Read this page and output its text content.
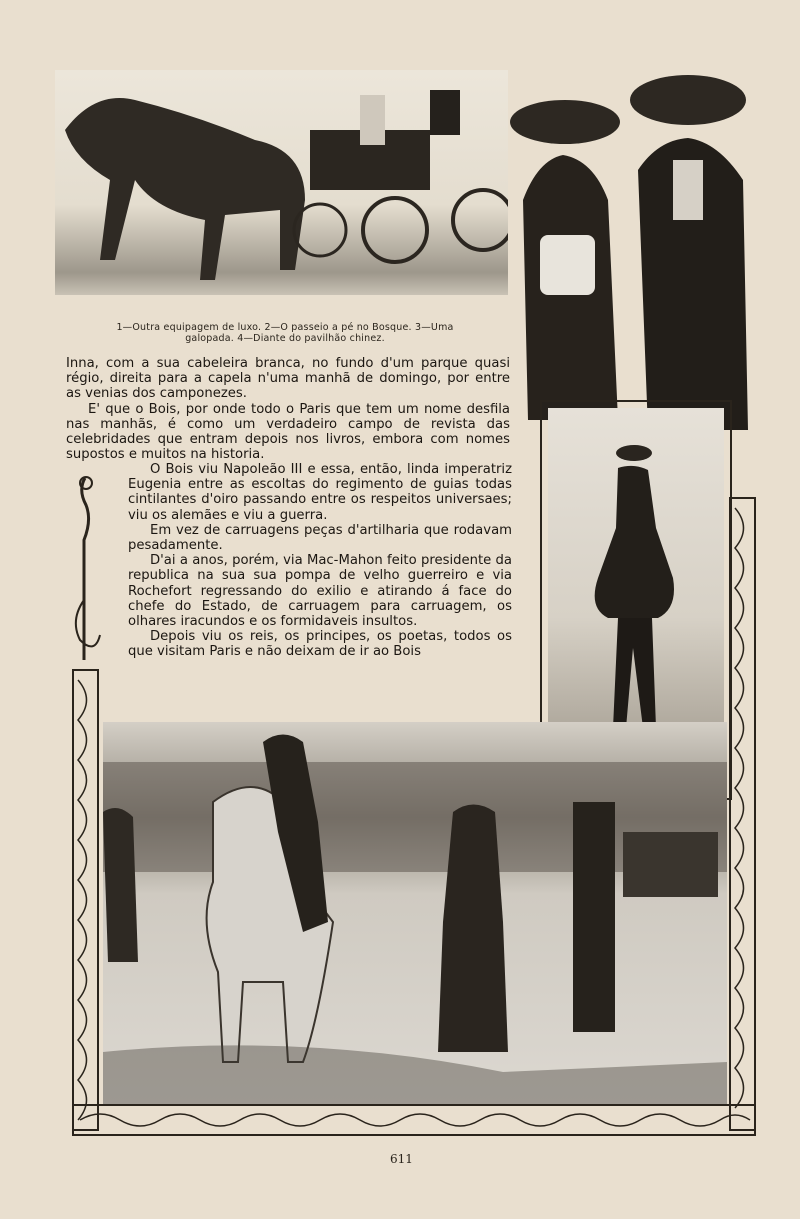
1—Outra equipagem de luxo. 2—O passeio a pé no Bosque. 3—Uma galopada. 4—Diante do pavilhão chinez.

Inna, com a sua cabeleira branca, no fundo d'um parque quasi régio, direita para a capela n'uma manhã de domingo, por entre as venias dos camponezes.

E' que o Bois, por onde todo o Paris que tem um nome desfila nas manhãs, é como um verdadeiro campo de revista das celebridades que entram depois nos livros, embora com nomes supostos e muitos na historia.

O Bois viu Napoleão III e essa, então, linda imperatriz Eugenia entre as escoltas do regimento de guias todas cintilantes d'oiro passando entre os respeitos universaes; viu os alemães e viu a guerra.

Em vez de carruagens peças d'artilharia que rodavam pesadamente.

D'ai a anos, porém, via Mac-Mahon feito presidente da republica na sua sua pompa de velho guerreiro e via Rochefort regressando do exilio e atirando á face do chefe do Estado, de carruagem para carruagem, os olhares iracundos e os formidaveis insultos.

Depois viu os reis, os principes, os poetas, todos os que visitam Paris e não deixam de ir ao Bois

611
